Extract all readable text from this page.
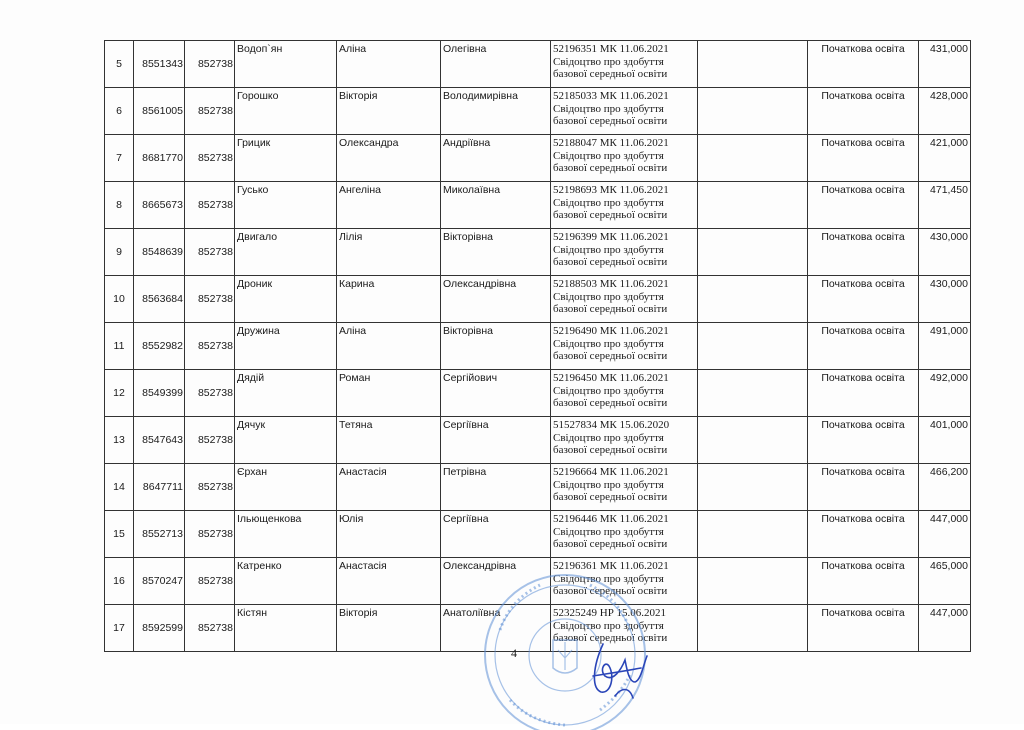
5	8551343	852738	Водоп`ян	Аліна	Олегівна	52196351 МК 11.06.2021
Свідоцтво про здобуття
базової середньої освіти		Початкова освіта	431,000
6	8561005	852738	Горошко	Вікторія	Володимирівна	52185033 МК 11.06.2021
Свідоцтво про здобуття
базової середньої освіти		Початкова освіта	428,000
7	8681770	852738	Грицик	Олександра	Андріївна	52188047 МК 11.06.2021
Свідоцтво про здобуття
базової середньої освіти		Початкова освіта	421,000
8	8665673	852738	Гусько	Ангеліна	Миколаївна	52198693 МК 11.06.2021
Свідоцтво про здобуття
базової середньої освіти		Початкова освіта	471,450
9	8548639	852738	Двигало	Лілія	Вікторівна	52196399 МК 11.06.2021
Свідоцтво про здобуття
базової середньої освіти		Початкова освіта	430,000
10	8563684	852738	Дроник	Карина	Олександрівна	52188503 МК 11.06.2021
Свідоцтво про здобуття
базової середньої освіти		Початкова освіта	430,000
11	8552982	852738	Дружина	Аліна	Вікторівна	52196490 МК 11.06.2021
Свідоцтво про здобуття
базової середньої освіти		Початкова освіта	491,000
12	8549399	852738	Дядій	Роман	Сергійович	52196450 МК 11.06.2021
Свідоцтво про здобуття
базової середньої освіти		Початкова освіта	492,000
13	8547643	852738	Дячук	Тетяна	Сергіївна	51527834 МК 15.06.2020
Свідоцтво про здобуття
базової середньої освіти		Початкова освіта	401,000
14	8647711	852738	Єрхан	Анастасія	Петрівна	52196664 МК 11.06.2021
Свідоцтво про здобуття
базової середньої освіти		Початкова освіта	466,200
15	8552713	852738	Ільющенкова	Юлія	Сергіївна	52196446 МК 11.06.2021
Свідоцтво про здобуття
базової середньої освіти		Початкова освіта	447,000
16	8570247	852738	Катренко	Анастасія	Олександрівна	52196361 МК 11.06.2021
Свідоцтво про здобуття
базової середньої освіти		Початкова освіта	465,000
17	8592599	852738	Кістян	Вікторія	Анатоліївна	52325249 НР 15.06.2021
Свідоцтво про здобуття
базової середньої освіти		Початкова освіта	447,000
4
